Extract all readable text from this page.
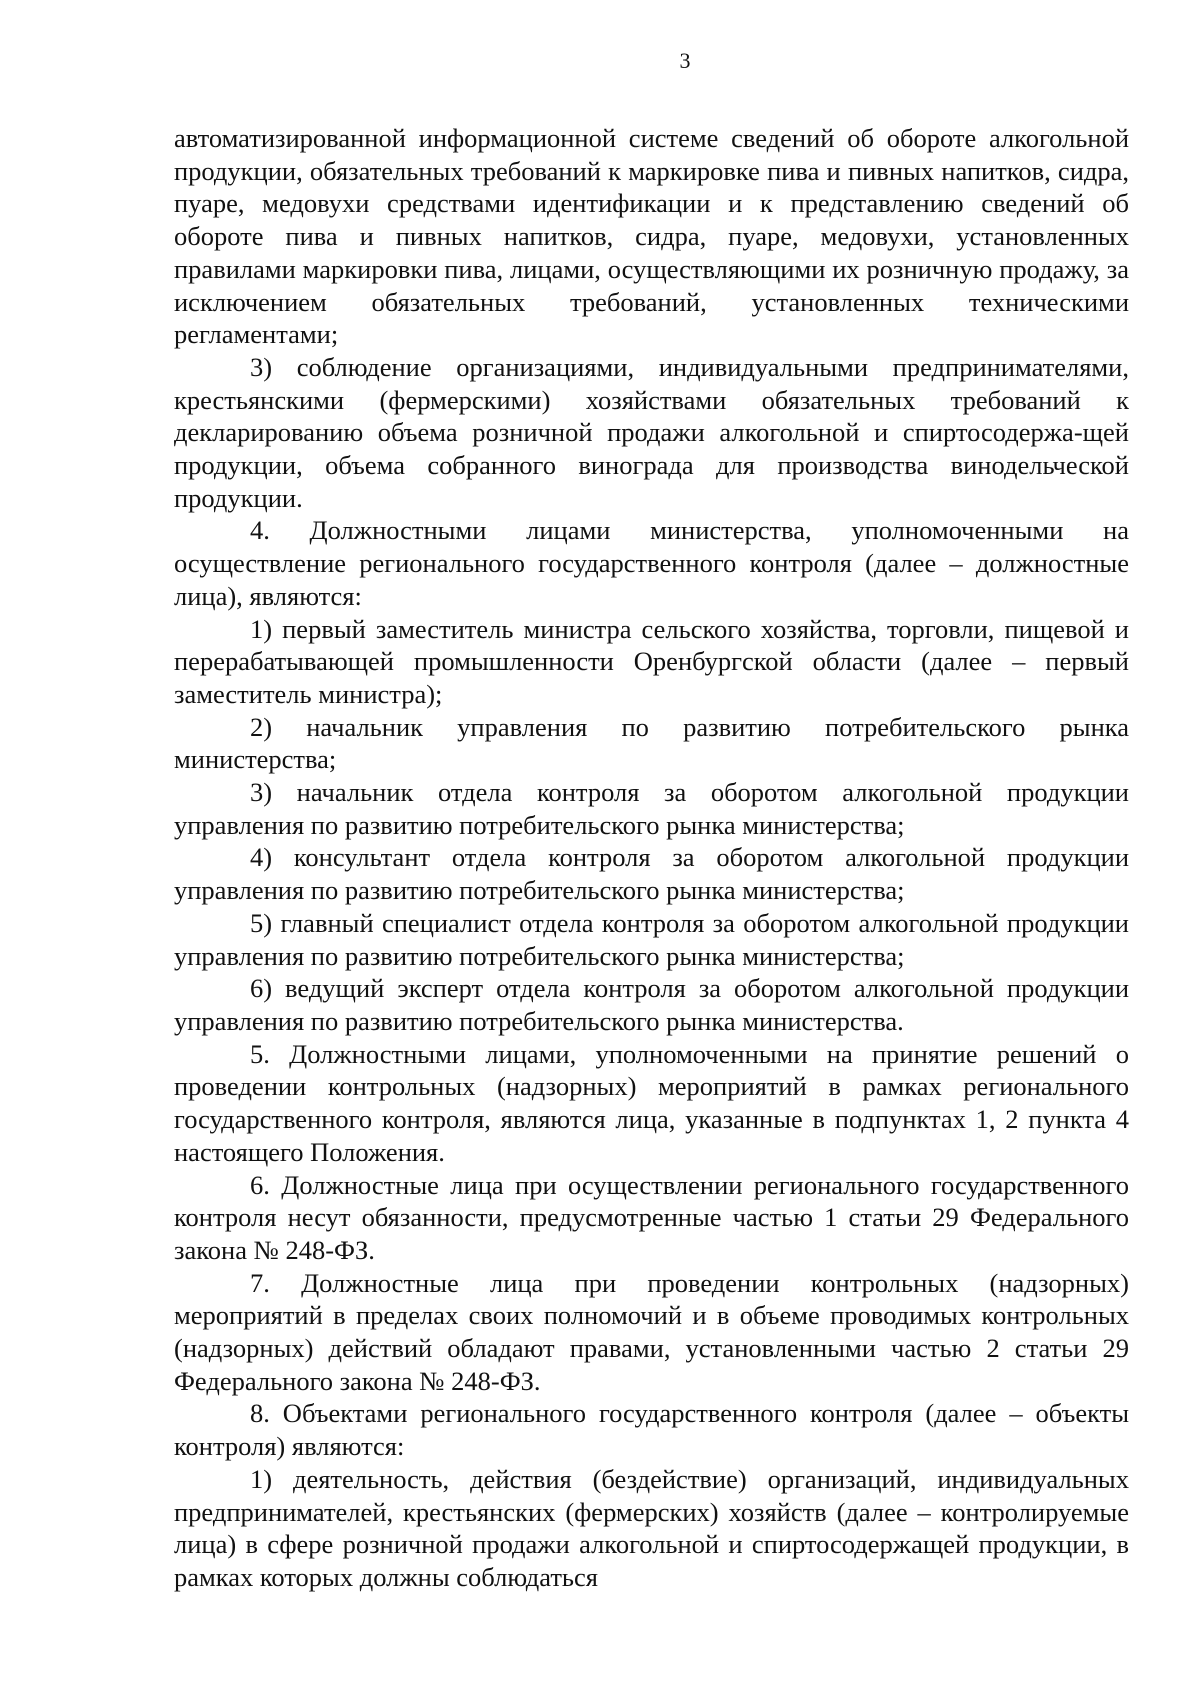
3

автоматизированной информационной системе сведений об обороте алкогольной продукции, обязательных требований к маркировке пива и пивных напитков, сидра, пуаре, медовухи средствами идентификации и к представлению сведений об обороте пива и пивных напитков, сидра, пуаре, медовухи, установленных правилами маркировки пива, лицами, осуществляющими их розничную продажу, за исключением обязательных требований, установленных техническими регламентами;

3) соблюдение организациями, индивидуальными предпринимателями, крестьянскими (фермерскими) хозяйствами обязательных требований к декларированию объема розничной продажи алкогольной и спиртосодержа-щей продукции, объема собранного винограда для производства винодельческой продукции.

4. Должностными лицами министерства, уполномоченными на осуществление регионального государственного контроля (далее – должностные лица), являются:

1) первый заместитель министра сельского хозяйства, торговли, пищевой и перерабатывающей промышленности Оренбургской области (далее – первый заместитель министра);

2) начальник управления по развитию потребительского рынка министерства;

3) начальник отдела контроля за оборотом алкогольной продукции управления по развитию потребительского рынка министерства;

4) консультант отдела контроля за оборотом алкогольной продукции управления по развитию потребительского рынка министерства;

5) главный специалист отдела контроля за оборотом алкогольной продукции управления по развитию потребительского рынка министерства;

6) ведущий эксперт отдела контроля за оборотом алкогольной продукции управления по развитию потребительского рынка министерства.

5. Должностными лицами, уполномоченными на принятие решений о проведении контрольных (надзорных) мероприятий в рамках регионального государственного контроля, являются лица, указанные в подпунктах 1, 2 пункта 4 настоящего Положения.

6. Должностные лица при осуществлении регионального государственного контроля несут обязанности, предусмотренные частью 1 статьи 29 Федерального закона № 248-ФЗ.

7. Должностные лица при проведении контрольных (надзорных) мероприятий в пределах своих полномочий и в объеме проводимых контрольных (надзорных) действий обладают правами, установленными частью 2 статьи 29 Федерального закона № 248-ФЗ.

8. Объектами регионального государственного контроля (далее – объекты контроля) являются:

1) деятельность, действия (бездействие) организаций, индивидуальных предпринимателей, крестьянских (фермерских) хозяйств (далее – контролируемые лица) в сфере розничной продажи алкогольной и спиртосодержащей продукции, в рамках которых должны соблюдаться
